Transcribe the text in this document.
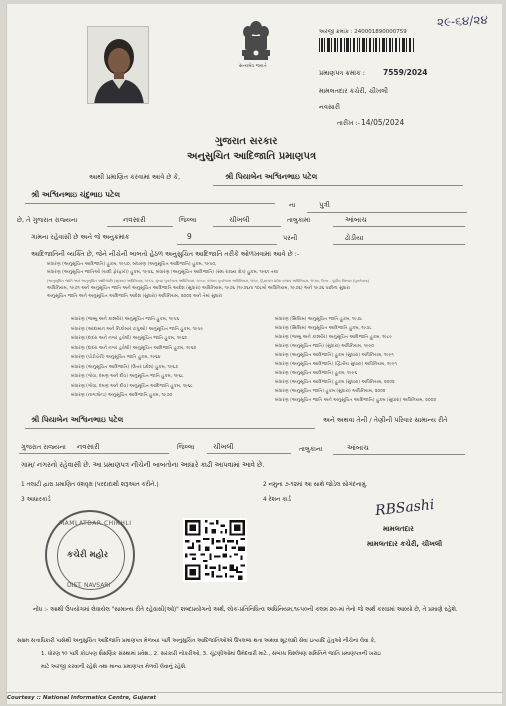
૨૯-૬૪/૨૪
અરજી ક્રમાંક : 240001890000759
સત્યમેવ જયતે
પ્રમાણપત્ર ક્રમાંક : 7559/2024
મામલતદાર કચેરી, ચીખલી
નવસારી
તારીખ :- 14/05/2024
ગુજરાત સરકાર
અનુસુચિત આદિજાતિ પ્રમાણપત્ર
આથી પ્રમાણિત કરવામાં આવે છે કે,	શ્રી પિયાબેન અશ્વિનભાઇ પટેલ
શ્રી અશ્વિનભાઇ ચંદુભાઇ પટેલ
ના	પુત્રી
છે, તે ગુજરાત રાજ્યના	નવસારી	જિલ્લા	ચીખલી	તાલુકામાં	આંબાચ
ગામના રહેવાસી છે અને જે અનુક્રમાંક	9	પરની	ઢોડીયા
આદિજાતિની વ્યક્તિ છે, જેને નીચેની બાબતો હેઠળ અનુસુચિત આદિજાતિ તરીકે ઓળખવામાં આવે છે :-
બંધારણ (અનુસૂચિત આદિજાતિ) હુકમ, ૧૯૫૦, બંધારણ (અનુસૂચિત આદિજાતિ) હુકમ, ૧૯૫૦,
બંધારણ (અનુસૂચિત જાતિઓ (યાદી ફેરફાર)) હુકમ, ૧૯૫૬, બંધારણ (અનુસૂચિત આદિજાતિ) (સંઘ રાજ્ય ક્ષેત્ર) હુકમ, ૧૯૬૧ તથા
(અનુસૂચિત જાતિ અને અનુસૂચિત આદિજાતિ (સુધારા) અધિનિયમ, ૧૯૬૫, મુંબઇ પુનર્રચના અધિનિયમ, ૧૯૬૦, પંજાબ પુનર્રચના અધિનિયમ, ૧૯૬૬, હિમાચલ પ્રદેશ રાજ્ય અધિનિયમ, ૧૯૭૦, ઉત્તર - પૂર્વીય વિસ્તાર (પુનર્રચના)
અધિનિયમ, ૧૯૭૧ અને અનુસૂચિત જાતિ અને અનુસૂચિત આદિજાતિ આદેશ (સુધારા) અધિનિયમ, ૧૯૭૬ (૧૯૭૬ના ૧૦૮મો અધિનિયમ, ૧૯૭૬) અને ૧૯૭૬ પછીના સુધારા
અનુસૂચિત જાતિ અને અનુસૂચિત આદિજાતિ આદેશ (સુધારા) અધિનિયમ, ૨૦૦૨ અને તેમાં સુધારા
બંધારણ (જમ્મુ અને કાશ્મીર) અનુસૂચિત જાતિ હુકમ, ૧૯૫૬
બંધારણ (આંદામાન અને નિકોબાર ટાપુઓ) અનુસૂચિત જાતિ હુકમ, ૧૯૫૯
બંધારણ (દાદરા અને નગર હવેલી) અનુસૂચિત જાતિ હુકમ, ૧૯૬૨
બંધારણ (દાદરા અને નગર હવેલી) અનુસૂચિત આદિજાતિ હુકમ, ૧૯૬૨
બંધારણ (પોંડીચેરી) અનુસૂચિત જાતિ હુકમ, ૧૯૬૪
બંધારણ (અનુસૂચિત આદિજાતિ) (ઉત્તર પ્રદેશ) હુકમ, ૧૯૬૭
બંધારણ (ગોવા, દમણ અને દીવ) અનુસૂચિત જાતિ હુકમ, ૧૯૬૮
બંધારણ (ગોવા, દમણ અને દીવ) અનુસૂચિત આદિજાતિ હુકમ, ૧૯૬૮
બંધારણ (નાગાલેન્ડ) અનુસૂચિત આદિજાતિ હુકમ, ૧૯૭૦
બંધારણ (સિક્કિમ) અનુસૂચિત જાતિ હુકમ, ૧૯૭૮
બંધારણ (સિક્કિમ) અનુસૂચિત આદિજાતિ હુકમ, ૧૯૭૮
બંધારણ (જમ્મુ અને કાશ્મીર) અનુસૂચિત આદિજાતિ હુકમ, ૧૯૮૯
બંધારણ (અનુસૂચિત જાતિ) (સુધારા) અધિનિયમ, ૧૯૯૦
બંધારણ (અનુસૂચિત આદિજાતિ) હુકમ (સુધારા) અધિનિયમ, ૧૯૯૧
બંધારણ (અનુસૂચિત આદિજાતિ) (દ્વિતીય સુધારા) અધિનિયમ, ૧૯૯૧
બંધારણ (અનુસૂચિત આદિજાતિ) હુકમ, ૧૯૯૬
બંધારણ (અનુસૂચિત આદિજાતિ) હુકમ (સુધારા) અધિનિયમ, ૨૦૦૨
બંધારણ (અનુસૂચિત જાતિ) હુકમ (સુધારા) અધિનિયમ, ૨૦૦૨
બંધારણ (અનુસૂચિત જાતિ અને અનુસૂચિત આદિજાતિ) હુકમ (સુધારા) અધિનિયમ, ૨૦૦૨
શ્રી પિયાબેન અશ્વિનભાઇ પટેલ	અને અથવા તેની / તેણીની પરિવાર સામાન્ય રીતે
ગુજરાત રાજ્યના નવસારી	જિલ્લા	ચીખલી	તાલુકાના	આંબાચ
ગામ/ નગરનો રહેવાસી છે. આ પ્રમાણપત્ર નીચેની બાબતોના આધારે કાઢી આપવામાં આવે છે.
1 તલાટી દ્વારા પ્રમાણિત વંશવૃક્ષ (પરદાદાથી શરૂઆત કરીને.)	2 નમુના ૭-૧૨માં આ સાથે જોડેલ સોગંદનામું.
3 આધારકાર્ડ	4 રેશન કાર્ડ
MAMLATDAR CHIKHLI
કચેરી મહોર
DIST. NAVSARI
RBSashi
મામલતદાર
મામલતદાર કચેરી, ચીખલી
નોંધ :- આથી ઉપયોગમાં લેવાયેલ "સામાન્ય રીતે રહેવાસી(ઓ)" શબ્દપ્રયોગનો અર્થ, લોક-પ્રતિનિધિત્વ અધિનિયમ,૧૯૫૦ની કલમ ૨૦-માં તેનો જે અર્થ કરવામાં આવ્યો છે, તે પ્રમાણે રહેશે.
સક્ષમ સત્તાધિકારી પાસેથી અનુસુચિત આદિજાતિ પ્રમાણપત્ર મેળવ્યા પછી અનુસુચિત આદિજાતિઓએ ઉપલબ્ધ થતા અથવા શૂટલક્ષી સેવા ઇત્યાદિ હેતુઓ નીચેના લેવા કે,
1. ધોરણ ૧૦ પછી કોઇપણ શૈક્ષણિક સંસ્થામાં પ્રવેશ., 2. સરકારી નોકરીઓ, 3. ચૂંટણીઓમાં ઉમેદવારી માટે., સંબંધ્ધ વિશ્લેષણ સમિતિને જાતિ પ્રમાણપત્રની ખરાઇ
માટે અરજી કરવાની રહેશે તથા માન્ય પ્રમાણપત્ર મેળવી લેવાનું રહેશે.
Courtesy :: National Informatics Centre, Gujarat
